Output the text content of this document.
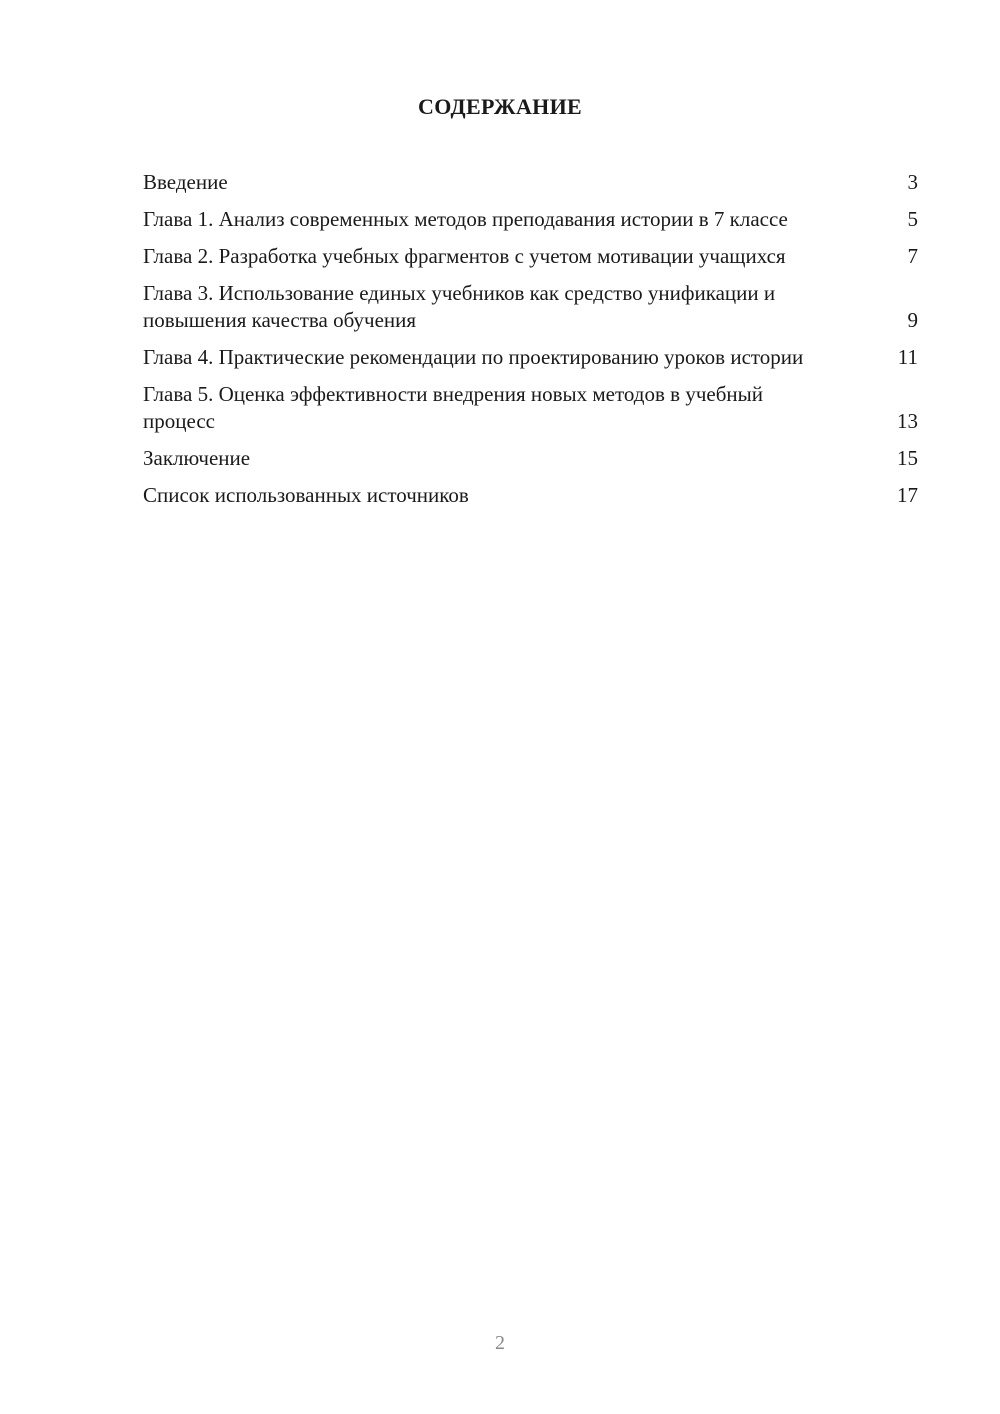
СОДЕРЖАНИЕ
Введение	3
Глава 1. Анализ современных методов преподавания истории в 7 классе	5
Глава 2. Разработка учебных фрагментов с учетом мотивации учащихся	7
Глава 3. Использование единых учебников как средство унификации и повышения качества обучения	9
Глава 4. Практические рекомендации по проектированию уроков истории	11
Глава 5. Оценка эффективности внедрения новых методов в учебный процесс	13
Заключение	15
Список использованных источников	17
2
